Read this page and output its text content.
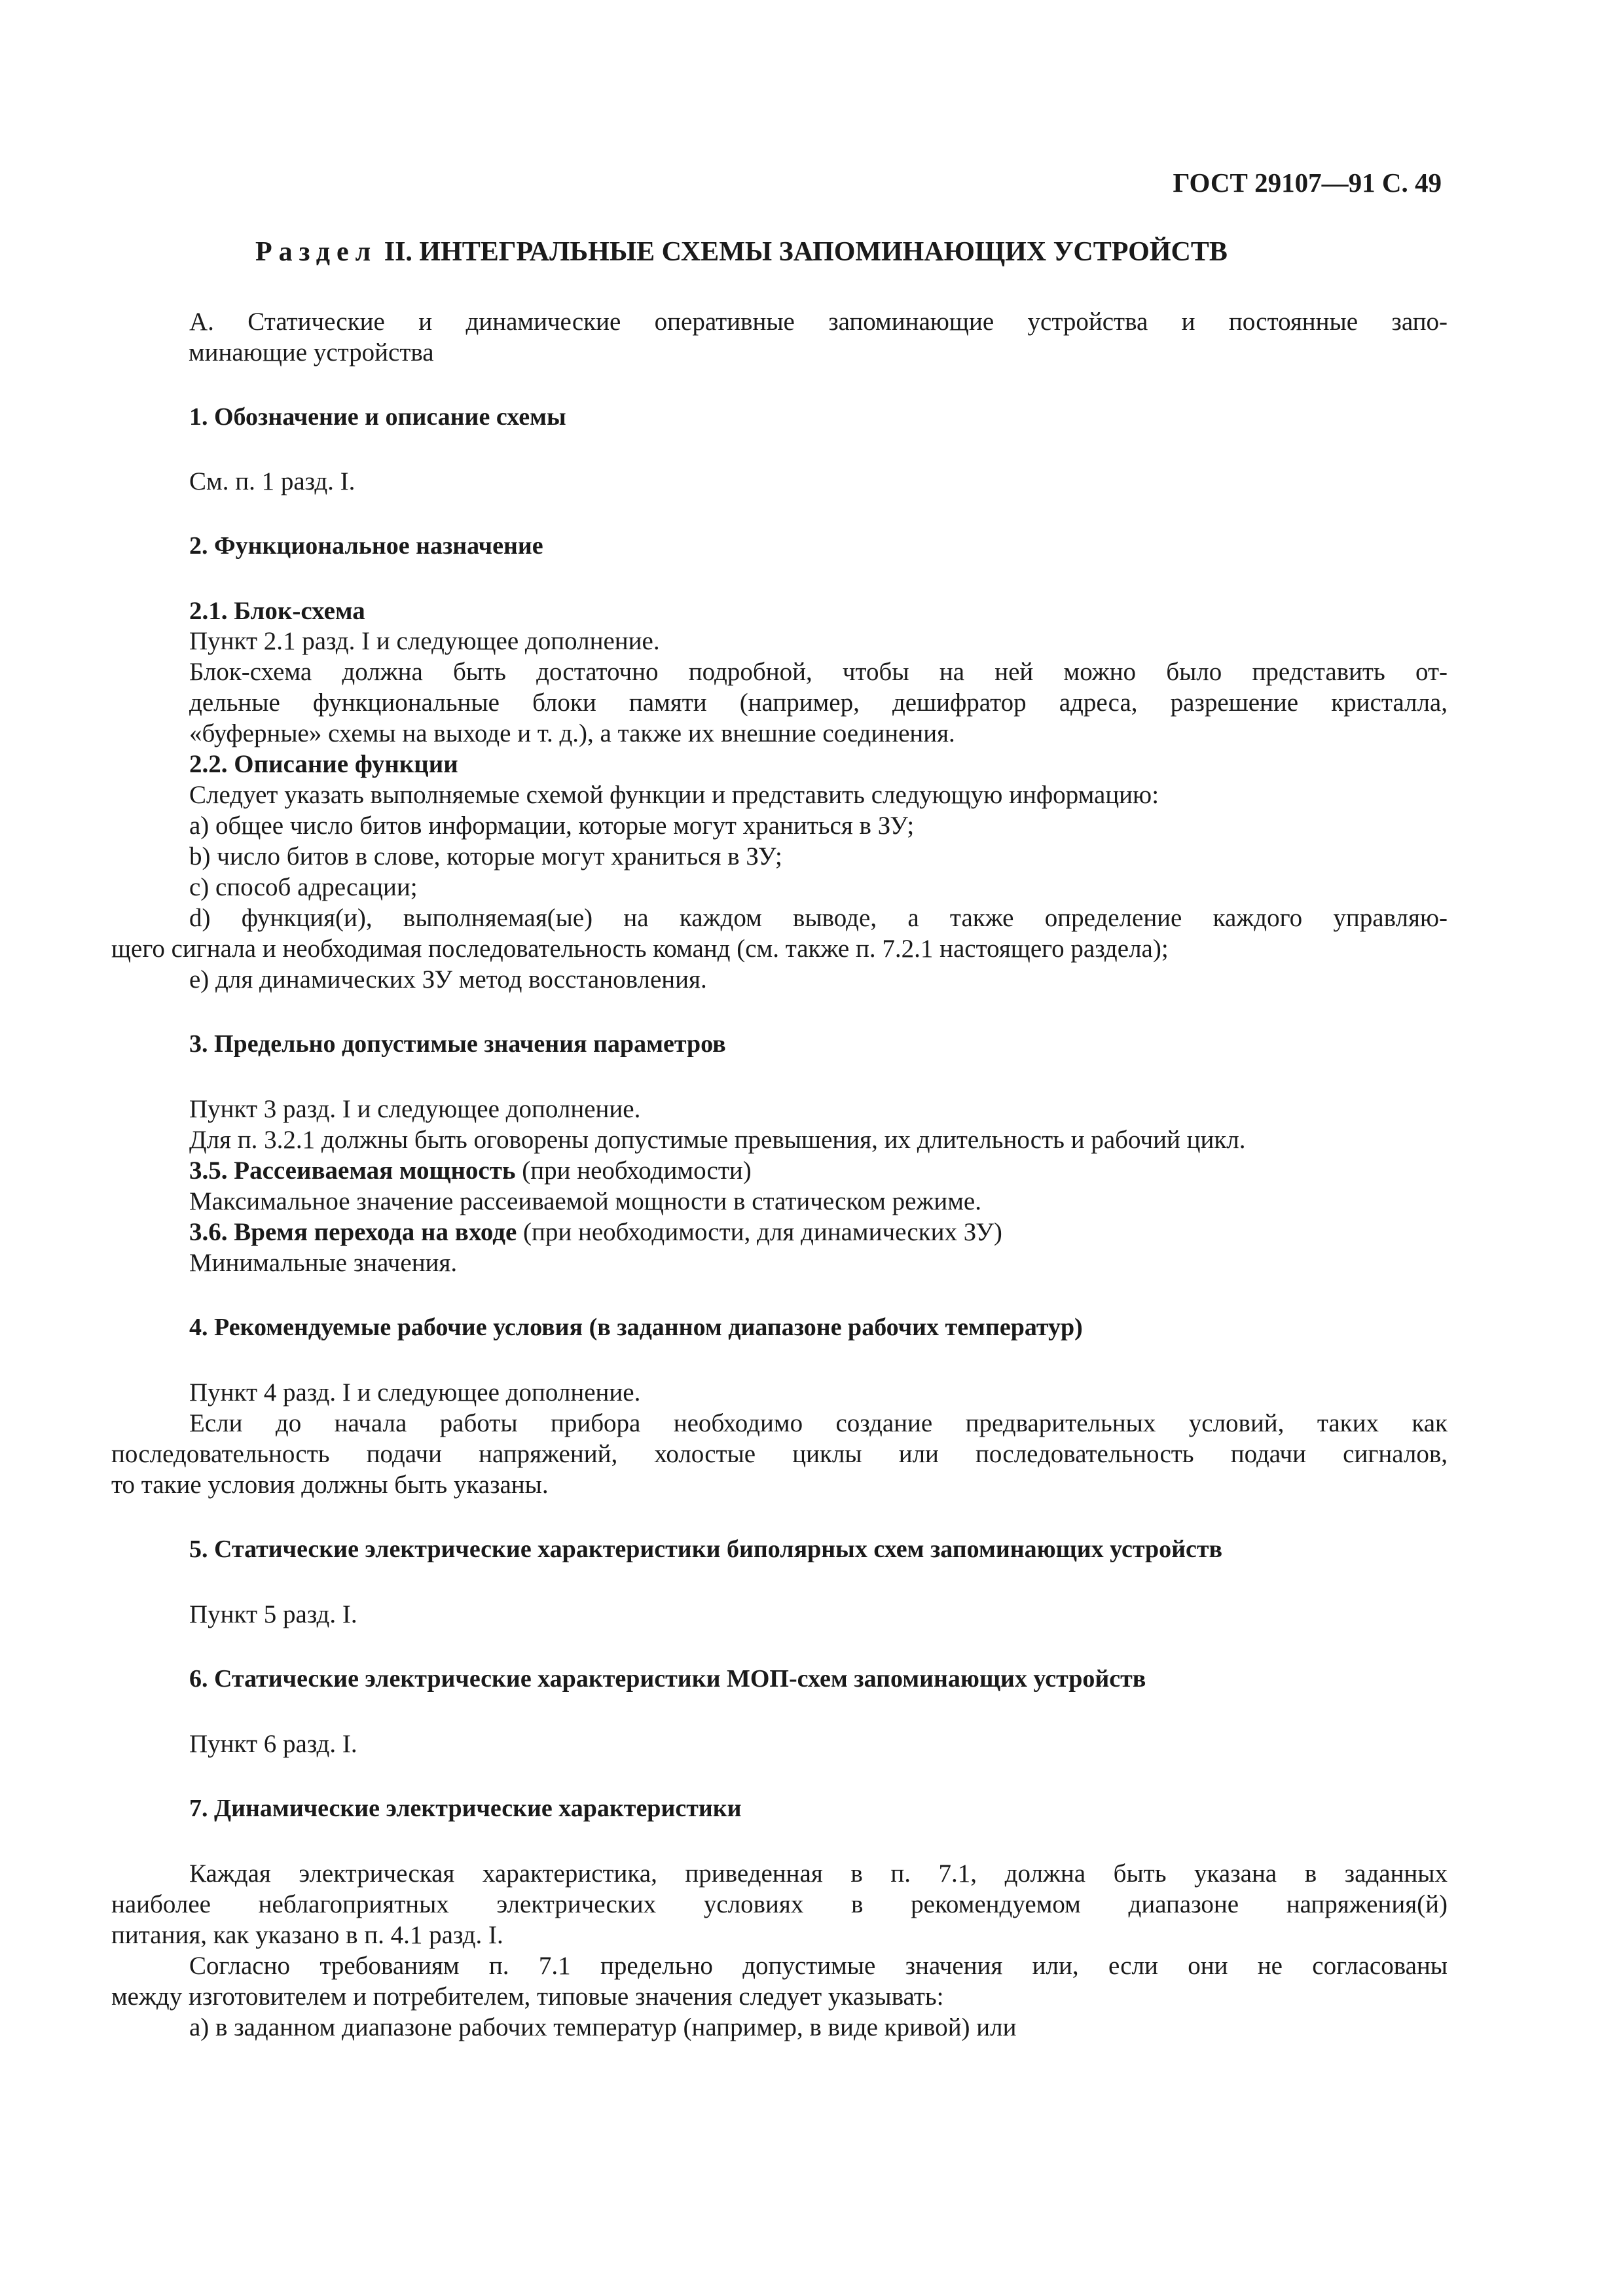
ГОСТ 29107—91 С. 49
Раздел II. ИНТЕГРАЛЬНЫЕ СХЕМЫ ЗАПОМИНАЮЩИХ УСТРОЙСТВ

А. Статические и динамические оперативные запоминающие устройства и постоянные запо-
минающие устройства
1. Обозначение и описание схемы
См. п. 1 разд. I.
2. Функциональное назначение
2.1. Блок-схема
Пункт 2.1 разд. I и следующее дополнение.
Блок-схема должна быть достаточно подробной, чтобы на ней можно было представить от-
дельные функциональные блоки памяти (например, дешифратор адреса, разрешение кристалла,
«буферные» схемы на выходе и т. д.), а также их внешние соединения.
2.2. Описание функции
Следует указать выполняемые схемой функции и представить следующую информацию:
a) общее число битов информации, которые могут храниться в ЗУ;
b) число битов в слове, которые могут храниться в ЗУ;
c) способ адресации;
d) функция(и), выполняемая(ые) на каждом выводе, а также определение каждого управляю-
щего сигнала и необходимая последовательность команд (см. также п. 7.2.1 настоящего раздела);
e) для динамических ЗУ метод восстановления.
3. Предельно допустимые значения параметров
Пункт 3 разд. I и следующее дополнение.
Для п. 3.2.1 должны быть оговорены допустимые превышения, их длительность и рабочий цикл.
3.5. Рассеиваемая мощность (при необходимости)
Максимальное значение рассеиваемой мощности в статическом режиме.
3.6. Время перехода на входе (при необходимости, для динамических ЗУ)
Минимальные значения.
4. Рекомендуемые рабочие условия (в заданном диапазоне рабочих температур)
Пункт 4 разд. I и следующее дополнение.
Если до начала работы прибора необходимо создание предварительных условий, таких как
последовательность подачи напряжений, холостые циклы или последовательность подачи сигналов,
то такие условия должны быть указаны.
5. Статические электрические характеристики биполярных схем запоминающих устройств
Пункт 5 разд. I.
6. Статические электрические характеристики МОП-схем запоминающих устройств
Пункт 6 разд. I.
7. Динамические электрические характеристики
Каждая электрическая характеристика, приведенная в п. 7.1, должна быть указана в заданных
наиболее неблагоприятных электрических условиях в рекомендуемом диапазоне напряжения(й)
питания, как указано в п. 4.1 разд. I.
Согласно требованиям п. 7.1 предельно допустимые значения или, если они не согласованы
между изготовителем и потребителем, типовые значения следует указывать:
а) в заданном диапазоне рабочих температур (например, в виде кривой) или
